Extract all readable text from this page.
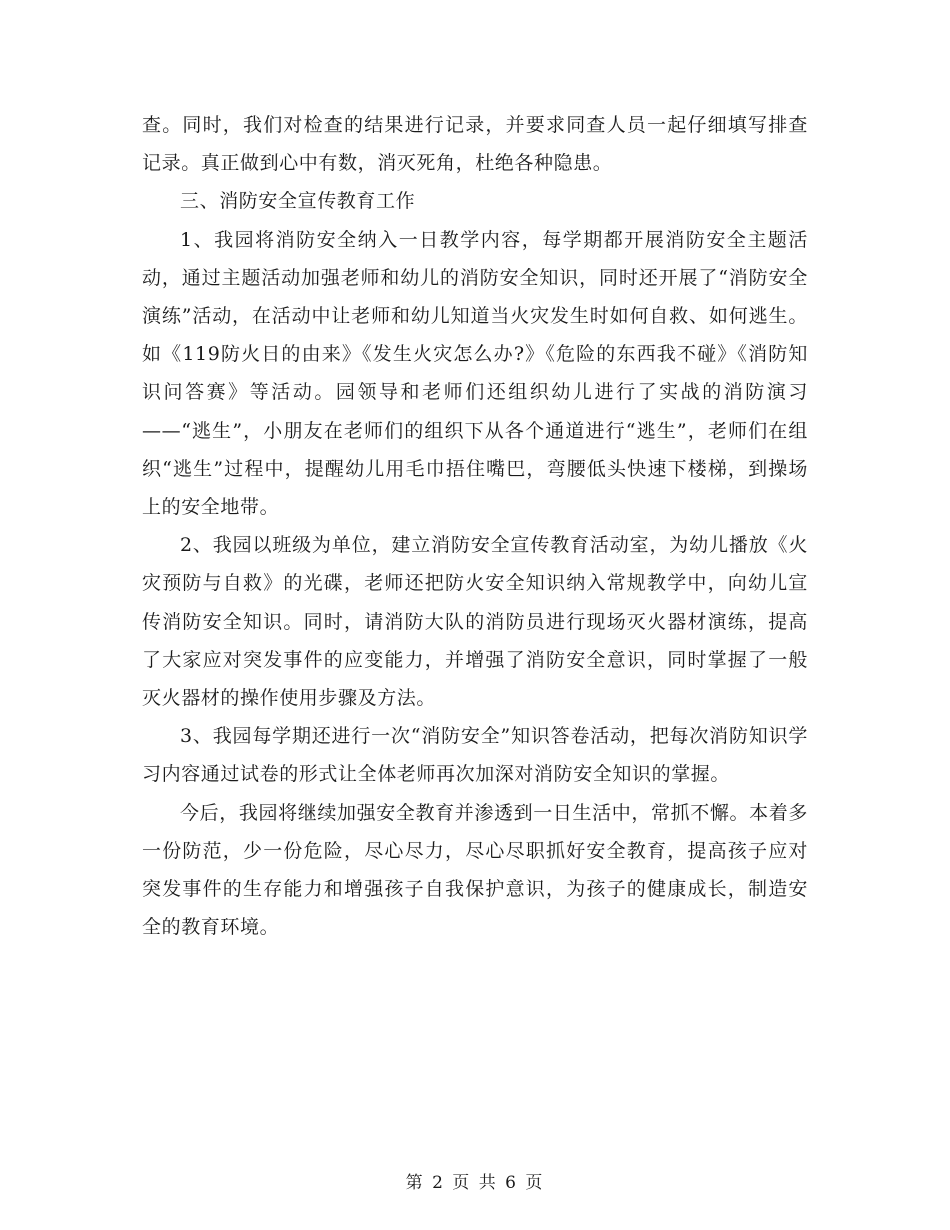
查。同时，我们对检查的结果进行记录，并要求同查人员一起仔细填写排查记录。真正做到心中有数，消灭死角，杜绝各种隐患。

三、消防安全宣传教育工作

1、我园将消防安全纳入一日教学内容，每学期都开展消防安全主题活动，通过主题活动加强老师和幼儿的消防安全知识，同时还开展了“消防安全演练”活动，在活动中让老师和幼儿知道当火灾发生时如何自救、如何逃生。如《119防火日的由来》《发生火灾怎么办?》《危险的东西我不碰》《消防知识问答赛》等活动。园领导和老师们还组织幼儿进行了实战的消防演习——“逃生”，小朋友在老师们的组织下从各个通道进行“逃生”，老师们在组织“逃生”过程中，提醒幼儿用毛巾捂住嘴巴，弯腰低头快速下楼梯，到操场上的安全地带。

2、我园以班级为单位，建立消防安全宣传教育活动室，为幼儿播放《火灾预防与自救》的光碟，老师还把防火安全知识纳入常规教学中，向幼儿宣传消防安全知识。同时，请消防大队的消防员进行现场灭火器材演练，提高了大家应对突发事件的应变能力，并增强了消防安全意识，同时掌握了一般灭火器材的操作使用步骤及方法。

3、我园每学期还进行一次“消防安全”知识答卷活动，把每次消防知识学习内容通过试卷的形式让全体老师再次加深对消防安全知识的掌握。

今后，我园将继续加强安全教育并渗透到一日生活中，常抓不懈。本着多一份防范，少一份危险，尽心尽力，尽心尽职抓好安全教育，提高孩子应对突发事件的生存能力和增强孩子自我保护意识，为孩子的健康成长，制造安全的教育环境。

第 2 页 共 6 页
